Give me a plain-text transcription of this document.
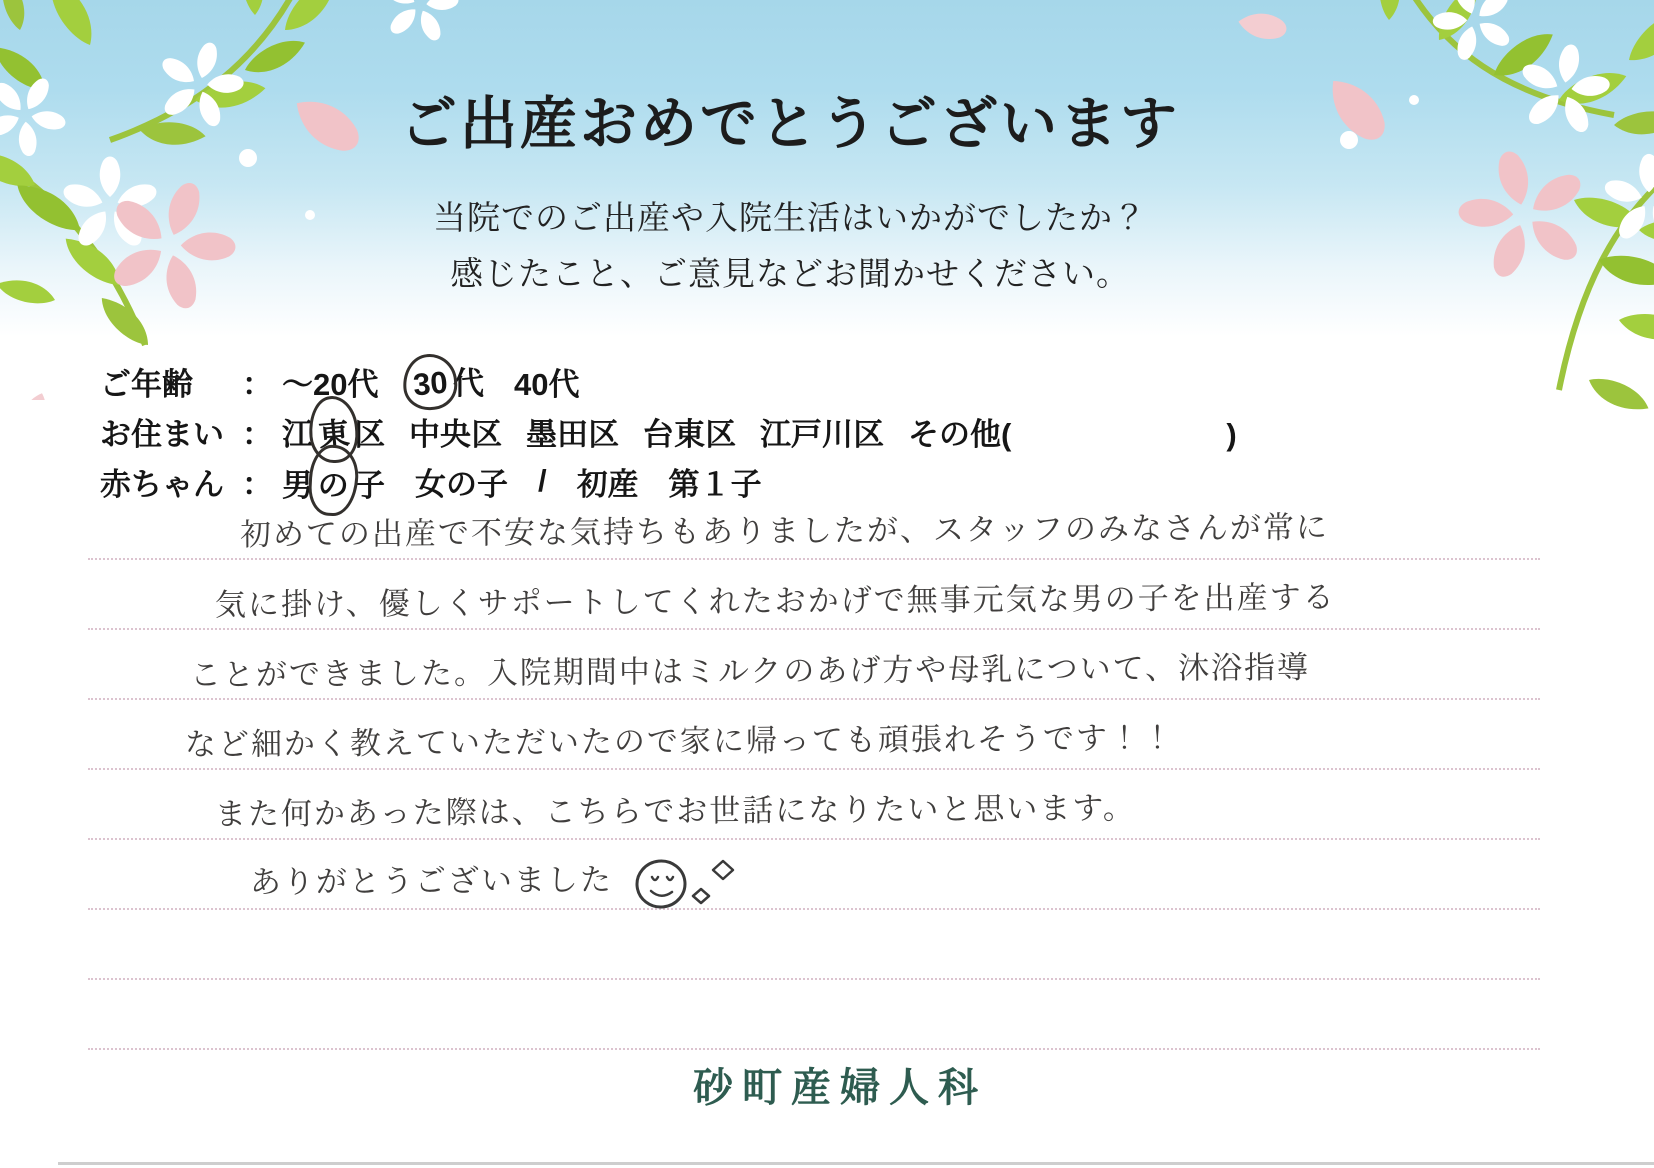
ご出産おめでとうございます
当院でのご出産や入院生活はいかがでしたか？
感じたこと、ご意見などお聞かせください。
ご年齢	： ～20代 30 代 40代
お住まい ： 江 東区 中央区 墨田区 台東区 江戸川区 その他(	)
赤ちゃん ： 男 の 子 女の子 / 初産 第１子
初めての出産で不安な気持ちもありましたが、スタッフのみなさんが常に
気に掛け、優しくサポートしてくれたおかげで無事元気な男の子を出産する
ことができました。入院期間中はミルクのあげ方や母乳について、沐浴指導
など細かく教えていただいたので家に帰っても頑張れそうです！！
また何かあった際は、こちらでお世話になりたいと思います。
ありがとうございました
砂町産婦人科
